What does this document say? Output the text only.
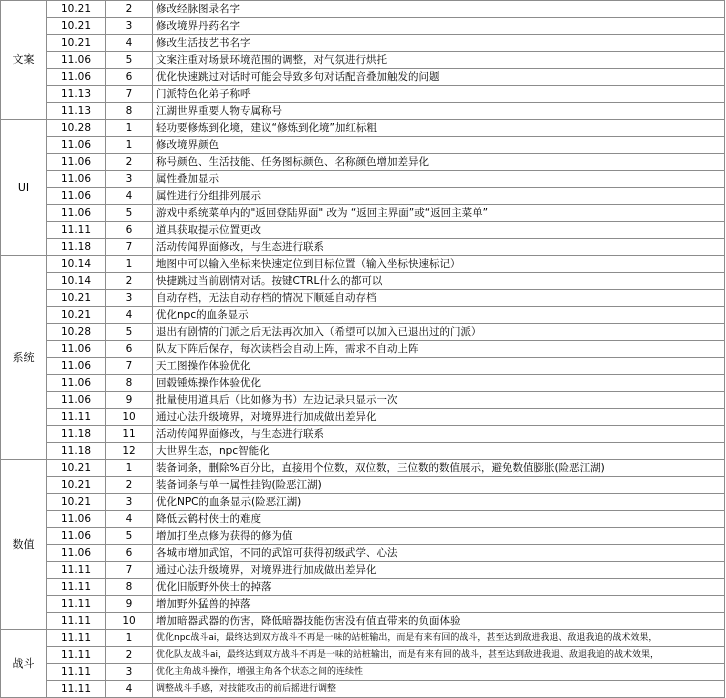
文案	10.21	2	修改经脉图录名字
	10.21	3	修改境界丹药名字
	10.21	4	修改生活技艺书名字
	11.06	5	文案注重对场景环境范围的调整，对气氛进行烘托
	11.06	6	优化快速跳过对话时可能会导致多句对话配音叠加触发的问题
	11.13	7	门派特色化弟子称呼
	11.13	8	江湖世界重要人物专属称号
UI	10.28	1	轻功要修炼到化境，建议“修炼到化境”加红标粗
	11.06	1	修改境界颜色
	11.06	2	称号颜色、生活技能、任务图标颜色、名称颜色增加差异化
	11.06	3	属性叠加显示
	11.06	4	属性进行分组排列展示
	11.06	5	游戏中系统菜单内的"返回登陆界面" 改为 “返回主界面”或“返回主菜单”
	11.11	6	道具获取提示位置更改
	11.18	7	活动传闻界面修改，与生态进行联系
系统	10.14	1	地图中可以输入坐标来快速定位到目标位置（输入坐标快速标记）
	10.14	2	快捷跳过当前剧情对话。按键CTRL什么的都可以
	10.21	3	自动存档，无法自动存档的情况下顺延自动存档
	10.21	4	优化npc的血条显示
	10.28	5	退出有剧情的门派之后无法再次加入（希望可以加入已退出过的门派）
	11.06	6	队友下阵后保存，每次读档会自动上阵，需求不自动上阵
	11.06	7	天工图操作体验优化
	11.06	8	回毂锺炼操作体验优化
	11.06	9	批量使用道具后（比如修为书）左边记录只显示一次
	11.11	10	通过心法升级境界，对境界进行加成做出差异化
	11.18	11	活动传闻界面修改，与生态进行联系
	11.18	12	大世界生态，npc智能化
数值	10.21	1	装备词条，删除%百分比，直接用个位数，双位数，三位数的数值展示，避免数值膨胀(险恶江湖)
	10.21	2	装备词条与单一属性挂钩(险恶江湖)
	10.21	3	优化NPC的血条显示(险恶江湖)
	11.06	4	降低云鹤村侠士的难度
	11.06	5	增加打坐点修为获得的修为值
	11.06	6	各城市增加武馆，不同的武馆可获得初级武学、心法
	11.11	7	通过心法升级境界，对境界进行加成做出差异化
	11.11	8	优化旧版野外侠士的掉落
	11.11	9	增加野外猛兽的掉落
	11.11	10	增加暗器武器的伤害，降低暗器技能伤害没有值直带来的负面体验
战斗	11.11	1	优化npc战斗ai，最终达到双方战斗不再是一味的站桩输出，而是有来有回的战斗，甚至达到敌进我退、敌退我追的战术效果，
	11.11	2	优化队友战斗ai，最终达到双方战斗不再是一味的站桩输出，而是有来有回的战斗，甚至达到敌进我退、敌退我追的战术效果，
	11.11	3	优化主角战斗操作，增强主角各个状态之间的连续性
	11.11	4	调整战斗手感，对技能攻击的前后摇进行调整
